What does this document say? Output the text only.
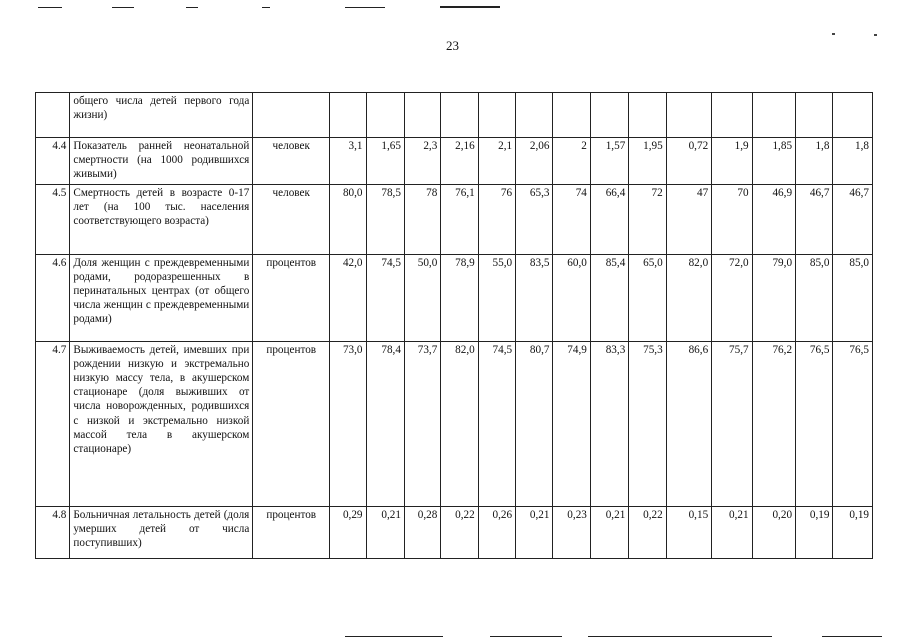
23
	общего числа детей первого года жизни)															
4.4	Показатель ранней неонатальной смертности (на 1000 родившихся живыми)	человек	3,1	1,65	2,3	2,16	2,1	2,06	2	1,57	1,95	0,72	1,9	1,85	1,8	1,8
4.5	Смертность детей в возрасте 0-17 лет (на 100 тыс. населения соответствующего возраста)	человек	80,0	78,5	78	76,1	76	65,3	74	66,4	72	47	70	46,9	46,7	46,7
4.6	Доля женщин с преждевременными родами, родоразрешенных в перинатальных центрах (от общего числа женщин с преждевременными родами)	процентов	42,0	74,5	50,0	78,9	55,0	83,5	60,0	85,4	65,0	82,0	72,0	79,0	85,0	85,0
4.7	Выживаемость детей, имевших при рождении низкую и экстремально низкую массу тела, в акушерском стационаре (доля выживших от числа новорожденных, родившихся с низкой и экстремально низкой массой тела в акушерском стационаре)	процентов	73,0	78,4	73,7	82,0	74,5	80,7	74,9	83,3	75,3	86,6	75,7	76,2	76,5	76,5
4.8	Больничная летальность детей (доля умерших детей от числа поступивших)	процентов	0,29	0,21	0,28	0,22	0,26	0,21	0,23	0,21	0,22	0,15	0,21	0,20	0,19	0,19
